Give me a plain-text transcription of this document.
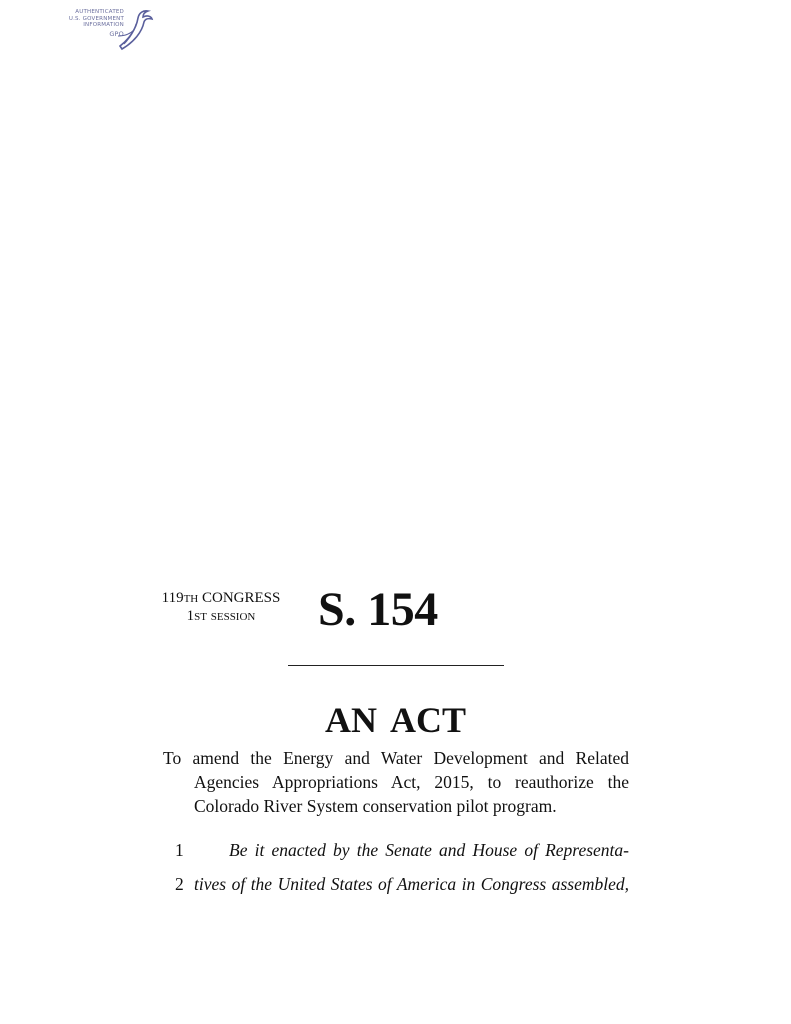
AUTHENTICATED
U.S. GOVERNMENT
INFORMATION
GPO
119TH CONGRESS
1ST SESSION	S. 154
AN ACT
To amend the Energy and Water Development and Related
Agencies Appropriations Act, 2015, to reauthorize the
Colorado River System conservation pilot program.
1	Be it enacted by the Senate and House of Representa-
2 tives of the United States of America in Congress assembled,
